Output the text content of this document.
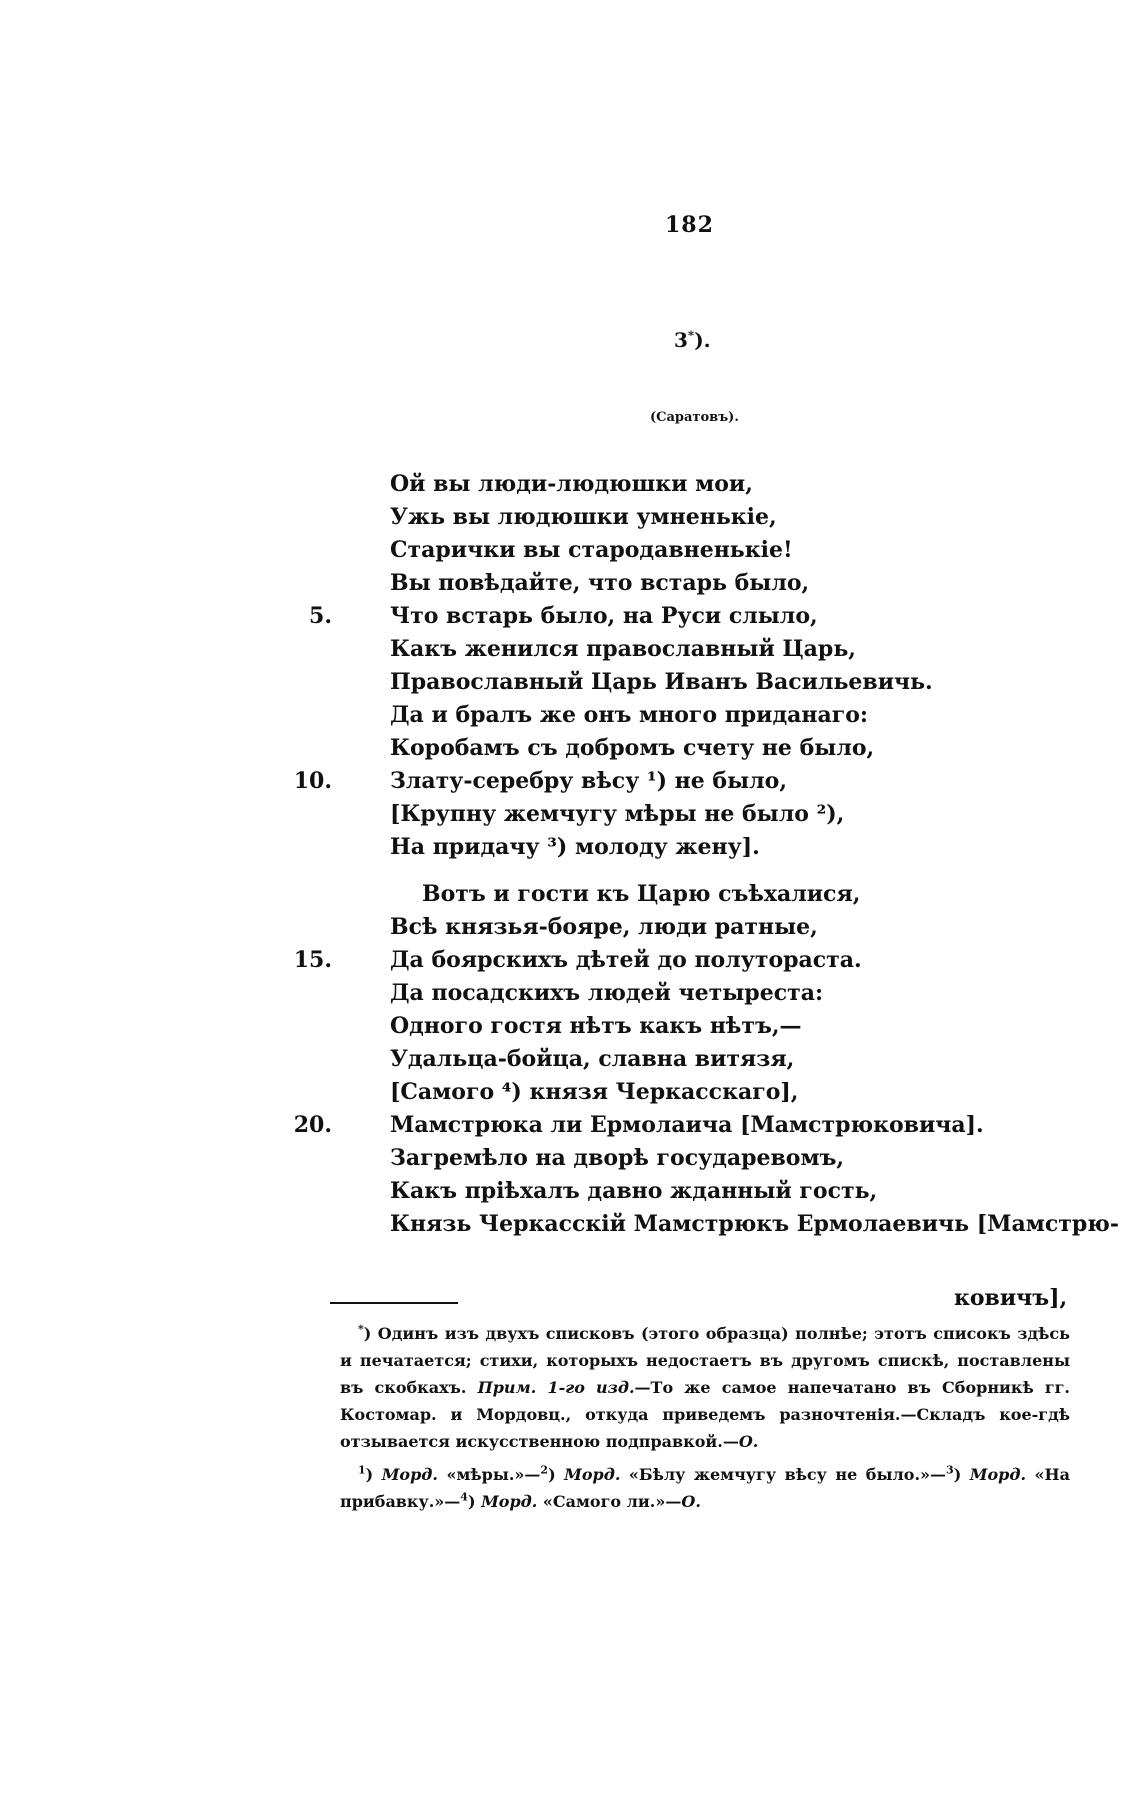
182
3*).
(Саратовъ).
Ой вы люди-людюшки мои,
Ужь вы людюшки умненькіе,
Старички вы стародавненькіе!
Вы повѣдайте, что встарь было,
5.	Что встарь было, на Руси слыло,
Какъ женился православный Царь,
Православный Царь Иванъ Васильевичь.
Да и бралъ же онъ много приданаго:
Коробамъ съ добромъ счету не было,
10.	Злату-серебру вѣсу ¹) не было,
[Крупну жемчугу мѣры не было ²),
На придачу ³) молоду жену].
Вотъ и гости къ Царю съѣхалися,
Всѣ князья-бояре, люди ратные,
15.	Да боярскихъ дѣтей до полутораста.
Да посадскихъ людей четыреста:
Одного гостя нѣтъ какъ нѣтъ,—
Удальца-бойца, славна витязя,
[Самого ⁴) князя Черкасскаго],
20.	Мамстрюка ли Ермолаича [Мамстрюковича].
Загремѣло на дворѣ государевомъ,
Какъ пріѣхалъ давно жданный гость,
Князь Черкасскій Мамстрюкъ Ермолаевичь [Мамстрю-
ковичъ],

*) Одинъ изъ двухъ списковъ (этого образца) полнѣе; этотъ списокъ здѣсь и печатается; стихи, которыхъ недостаетъ въ другомъ спискѣ, поставлены въ скобкахъ. Прим. 1-го изд.—То же самое напечатано въ Сборникѣ гг. Костомар. и Мордовц., откуда приведемъ разночтенія.—Складъ кое-гдѣ отзывается искусственною подправкой.—О.

$^1$) Морд. «мѣры.»—$^2$) Морд. «Бѣлу жемчугу вѣсу не было.»—$^3$) Морд. «На прибавку.»—$^4$) Морд. «Самого ли.»—О.
